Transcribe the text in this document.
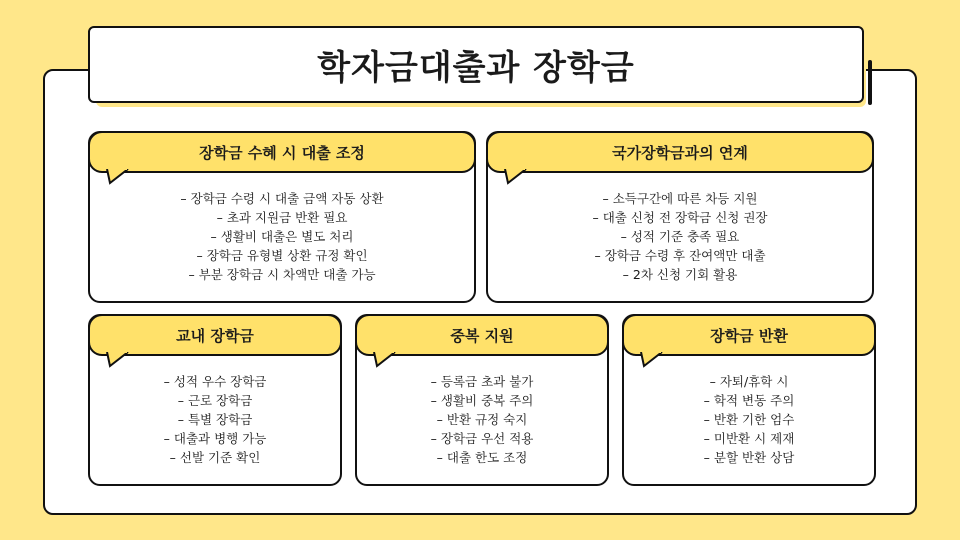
학자금대출과 장학금
장학금 수혜 시 대출 조정
– 장학금 수령 시 대출 금액 자동 상환
– 초과 지원금 반환 필요
– 생활비 대출은 별도 처리
– 장학금 유형별 상환 규정 확인
– 부분 장학금 시 차액만 대출 가능
국가장학금과의 연계
– 소득구간에 따른 차등 지원
– 대출 신청 전 장학금 신청 권장
– 성적 기준 충족 필요
– 장학금 수령 후 잔여액만 대출
– 2차 신청 기회 활용
교내 장학금
– 성적 우수 장학금
– 근로 장학금
– 특별 장학금
– 대출과 병행 가능
– 선발 기준 확인
중복 지원
– 등록금 초과 불가
– 생활비 중복 주의
– 반환 규정 숙지
– 장학금 우선 적용
– 대출 한도 조정
장학금 반환
– 자퇴/휴학 시
– 학적 변동 주의
– 반환 기한 엄수
– 미반환 시 제재
– 분할 반환 상담
